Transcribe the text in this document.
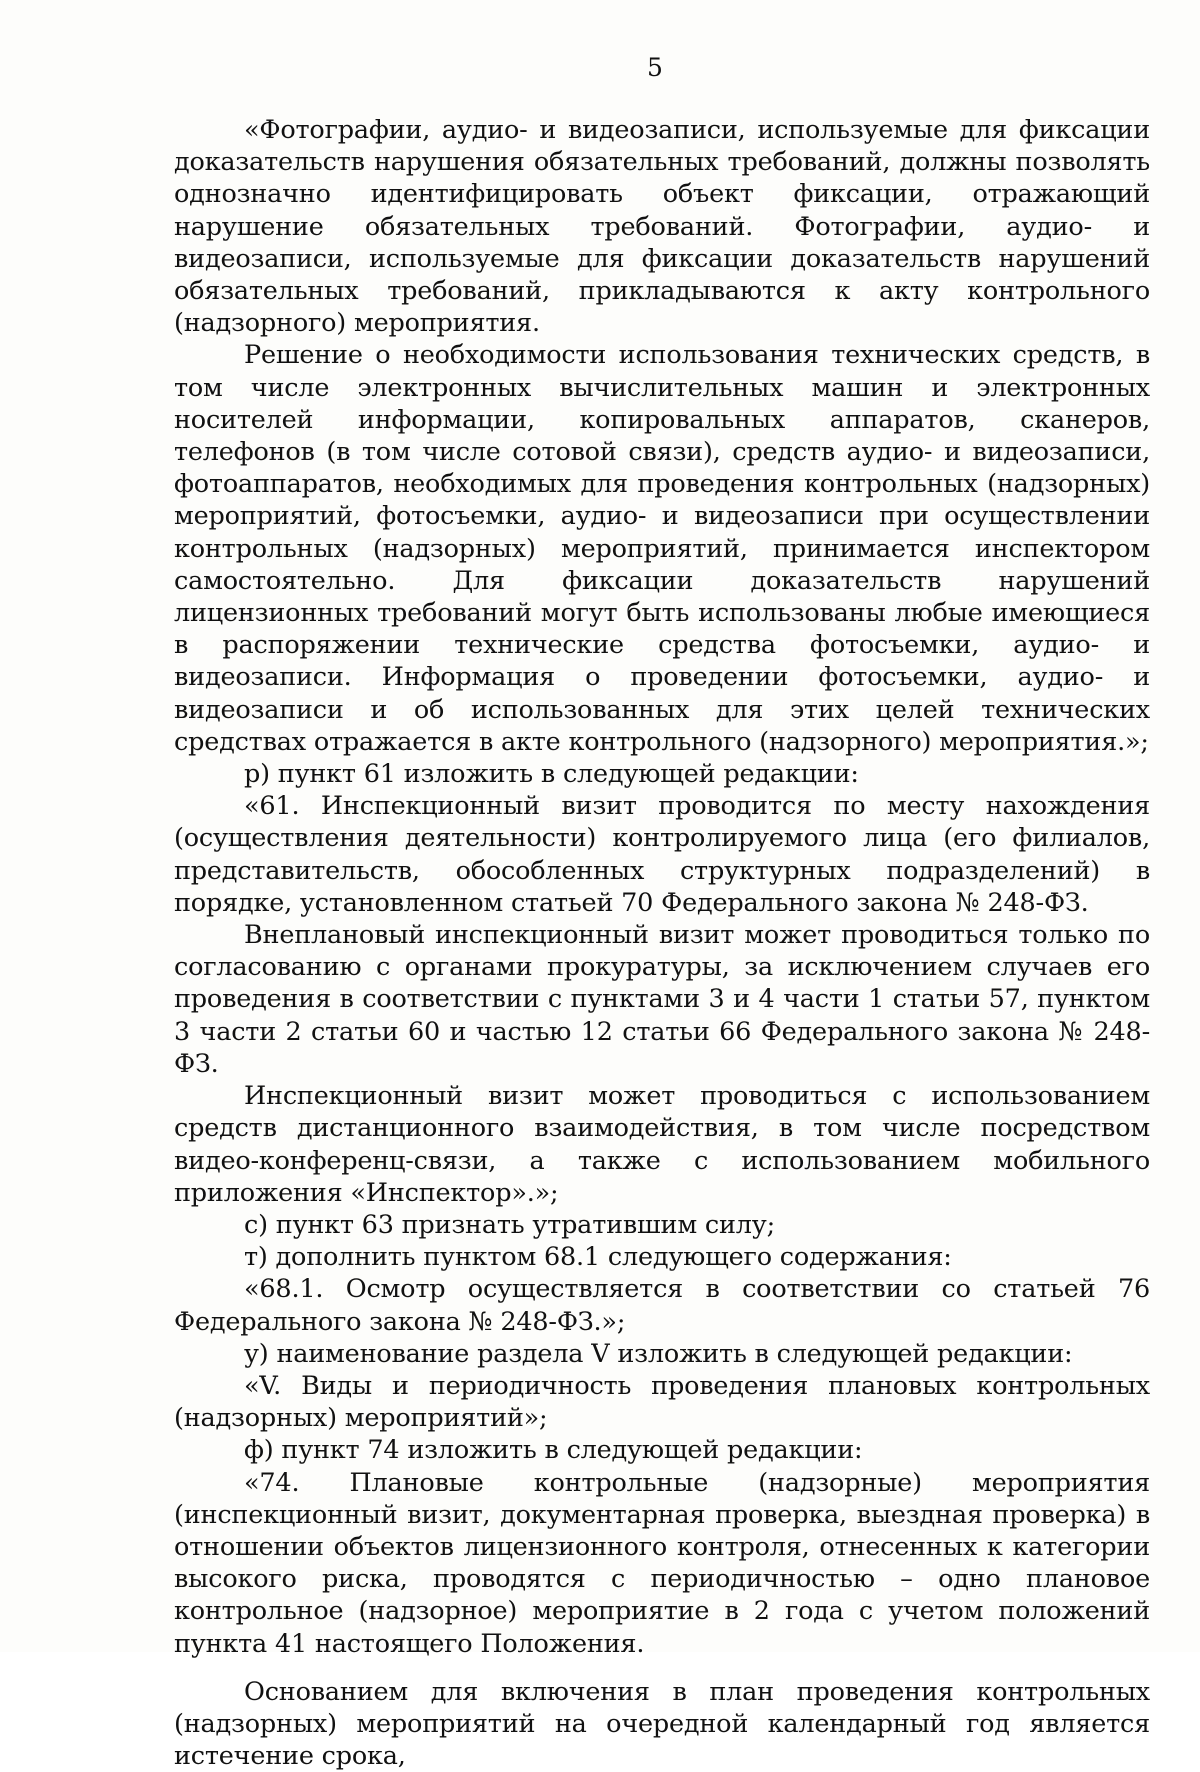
5

«Фотографии, аудио- и видеозаписи, используемые для фиксации доказательств нарушения обязательных требований, должны позволять однозначно идентифицировать объект фиксации, отражающий нарушение обязательных требований. Фотографии, аудио- и видеозаписи, используемые для фиксации доказательств нарушений обязательных требований, прикладываются к акту контрольного (надзорного) мероприятия.

Решение о необходимости использования технических средств, в том числе электронных вычислительных машин и электронных носителей информации, копировальных аппаратов, сканеров, телефонов (в том числе сотовой связи), средств аудио- и видеозаписи, фотоаппаратов, необходимых для проведения контрольных (надзорных) мероприятий, фотосъемки, аудио- и видеозаписи при осуществлении контрольных (надзорных) мероприятий, принимается инспектором самостоятельно. Для фиксации доказательств нарушений лицензионных требований могут быть использованы любые имеющиеся в распоряжении технические средства фотосъемки, аудио- и видеозаписи. Информация о проведении фотосъемки, аудио- и видеозаписи и об использованных для этих целей технических средствах отражается в акте контрольного (надзорного) мероприятия.»;

р) пункт 61 изложить в следующей редакции:

«61. Инспекционный визит проводится по месту нахождения (осуществления деятельности) контролируемого лица (его филиалов, представительств, обособленных структурных подразделений) в порядке, установленном статьей 70 Федерального закона № 248-ФЗ.

Внеплановый инспекционный визит может проводиться только по согласованию с органами прокуратуры, за исключением случаев его проведения в соответствии с пунктами 3 и 4 части 1 статьи 57, пунктом 3 части 2 статьи 60 и частью 12 статьи 66 Федерального закона № 248-ФЗ.

Инспекционный визит может проводиться с использованием средств дистанционного взаимодействия, в том числе посредством видео-конференц-связи, а также с использованием мобильного приложения «Инспектор».»;

с) пункт 63 признать утратившим силу;

т) дополнить пунктом 68.1 следующего содержания:

«68.1. Осмотр осуществляется в соответствии со статьей 76 Федерального закона № 248-ФЗ.»;

у) наименование раздела V изложить в следующей редакции:

«V. Виды и периодичность проведения плановых контрольных (надзорных) мероприятий»;

ф) пункт 74 изложить в следующей редакции:

«74. Плановые контрольные (надзорные) мероприятия (инспекционный визит, документарная проверка, выездная проверка) в отношении объектов лицензионного контроля, отнесенных к категории высокого риска, проводятся с периодичностью – одно плановое контрольное (надзорное) мероприятие в 2 года с учетом положений пункта 41 настоящего Положения.

Основанием для включения в план проведения контрольных (надзорных) мероприятий на очередной календарный год является истечение срока,
